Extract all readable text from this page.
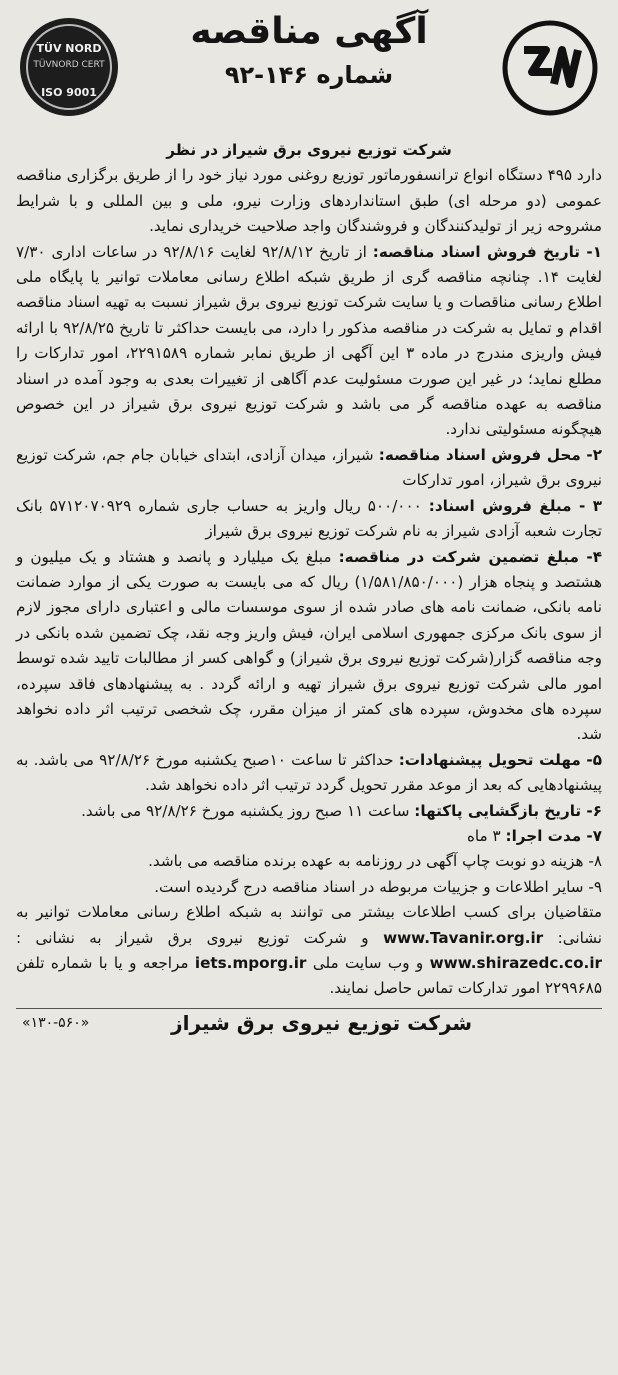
آگهی مناقصه
شماره ۱۴۶-۹۲
TÜV NORD
TÜVNORD CERT
ISO 9001

شرکت توزیع نیروی برق شیراز در نظر

دارد ۴۹۵ دستگاه انواع ترانسفورماتور توزیع روغنی مورد نیاز خود را از طریق برگزاری مناقصه عمومی (دو مرحله ای) طبق استانداردهای وزارت نیرو، ملی و بین المللی و با شرایط مشروحه زیر از تولیدکنندگان و فروشندگان واجد صلاحیت خریداری نماید.

۱- تاریخ فروش اسناد مناقصه: از تاریخ ۹۲/۸/۱۲ لغایت ۹۲/۸/۱۶ در ساعات اداری ۷/۳۰ لغایت ۱۴. چنانچه مناقصه گری از طریق شبکه اطلاع رسانی معاملات توانیر یا پایگاه ملی اطلاع رسانی مناقصات و یا سایت شرکت توزیع نیروی برق شیراز نسبت به تهیه اسناد مناقصه اقدام و تمایل به شرکت در مناقصه مذکور را دارد، می بایست حداکثر تا تاریخ ۹۲/۸/۲۵ با ارائه فیش واریزی مندرج در ماده ۳ این آگهی از طریق نمابر شماره ۲۲۹۱۵۸۹، امور تدارکات را مطلع نماید؛ در غیر این صورت مسئولیت عدم آگاهی از تغییرات بعدی به وجود آمده در اسناد مناقصه به عهده مناقصه گر می باشد و شرکت توزیع نیروی برق شیراز در این خصوص هیچگونه مسئولیتی ندارد.

۲- محل فروش اسناد مناقصه: شیراز، میدان آزادی، ابتدای خیابان جام جم، شرکت توزیع نیروی برق شیراز، امور تدارکات

۳ - مبلغ فروش اسناد: ۵۰۰/۰۰۰ ریال واریز به حساب جاری شماره ۵۷۱۲۰۷۰۹۲۹ بانک تجارت شعبه آزادی شیراز به نام شرکت توزیع نیروی برق شیراز

۴- مبلغ تضمین شرکت در مناقصه: مبلغ یک میلیارد و پانصد و هشتاد و یک میلیون و هشتصد و پنجاه هزار (۱/۵۸۱/۸۵۰/۰۰۰) ریال که می بایست به صورت یکی از موارد ضمانت نامه بانکی، ضمانت نامه های صادر شده از سوی موسسات مالی و اعتباری دارای مجوز لازم از سوی بانک مرکزی جمهوری اسلامی ایران، فیش واریز وجه نقد، چک تضمین شده بانکی در وجه مناقصه گزار(شرکت توزیع نیروی برق شیراز) و گواهی کسر از مطالبات تایید شده توسط امور مالی شرکت توزیع نیروی برق شیراز تهیه و ارائه گردد . به پیشنهادهای فاقد سپرده، سپرده های مخدوش، سپرده های کمتر از میزان مقرر، چک شخصی ترتیب اثر داده نخواهد شد.

۵- مهلت تحویل پیشنهادات: حداکثر تا ساعت ۱۰صبح یکشنبه مورخ ۹۲/۸/۲۶ می باشد. به پیشنهادهایی که بعد از موعد مقرر تحویل گردد ترتیب اثر داده نخواهد شد.

۶- تاریخ بازگشایی پاکتها: ساعت ۱۱ صبح روز یکشنبه مورخ ۹۲/۸/۲۶ می باشد.

۷- مدت اجرا: ۳ ماه

۸- هزینه دو نوبت چاپ آگهی در روزنامه به عهده برنده مناقصه می باشد.

۹- سایر اطلاعات و جزییات مربوطه در اسناد مناقصه درج گردیده است.

متقاضیان برای کسب اطلاعات بیشتر می توانند به شبکه اطلاع رسانی معاملات توانیر به نشانی: www.Tavanir.org.ir و شرکت توزیع نیروی برق شیراز به نشانی : www.shirazedc.co.ir و وب سایت ملی iets.mporg.ir مراجعه و یا با شماره تلفن ۲۲۹۹۶۸۵ امور تدارکات تماس حاصل نمایند.

شرکت توزیع نیروی برق شیراز
«۱۳۰-۵۶۰»
